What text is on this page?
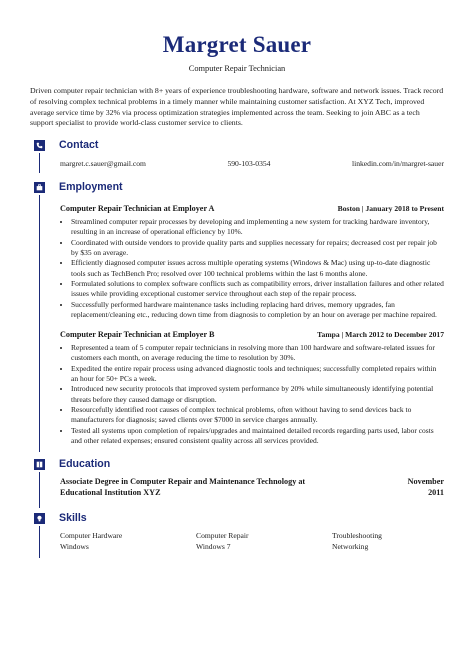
Margret Sauer
Computer Repair Technician
Driven computer repair technician with 8+ years of experience troubleshooting hardware, software and network issues. Track record of resolving complex technical problems in a timely manner while maintaining customer satisfaction. At XYZ Tech, improved average service time by 32% via process optimization strategies implemented across the team. Seeking to join ABC as a tech support specialist to provide world-class customer service to clients.
Contact
margret.c.sauer@gmail.com	590-103-0354	linkedin.com/in/margret-sauer
Employment
Computer Repair Technician at Employer A	Boston | January 2018 to Present
• Streamlined computer repair processes by developing and implementing a new system for tracking hardware inventory, resulting in an increase of operational efficiency by 10%.
• Coordinated with outside vendors to provide quality parts and supplies necessary for repairs; decreased cost per repair job by $35 on average.
• Efficiently diagnosed computer issues across multiple operating systems (Windows & Mac) using up-to-date diagnostic tools such as TechBench Pro; resolved over 100 technical problems within the last 6 months alone.
• Formulated solutions to complex software conflicts such as compatibility errors, driver installation failures and other related issues while providing exceptional customer service throughout each step of the repair process.
• Successfully performed hardware maintenance tasks including replacing hard drives, memory upgrades, fan replacement/cleaning etc., reducing down time from diagnosis to completion by an hour on average per machine repaired.
Computer Repair Technician at Employer B	Tampa | March 2012 to December 2017
• Represented a team of 5 computer repair technicians in resolving more than 100 hardware and software-related issues for customers each month, on average reducing the time to resolution by 30%.
• Expedited the entire repair process using advanced diagnostic tools and techniques; successfully completed repairs within an hour for 50+ PCs a week.
• Introduced new security protocols that improved system performance by 20% while simultaneously identifying potential threats before they caused damage or disruption.
• Resourcefully identified root causes of complex technical problems, often without having to send devices back to manufacturers for diagnosis; saved clients over $7000 in service charges annually.
• Tested all systems upon completion of repairs/upgrades and maintained detailed records regarding parts used, labor costs and other related expenses; ensured consistent quality across all services provided.
Education
Associate Degree in Computer Repair and Maintenance Technology at
Educational Institution XYZ
November
2011
Skills
Computer Hardware	Computer Repair	Troubleshooting
Windows	Windows 7	Networking
